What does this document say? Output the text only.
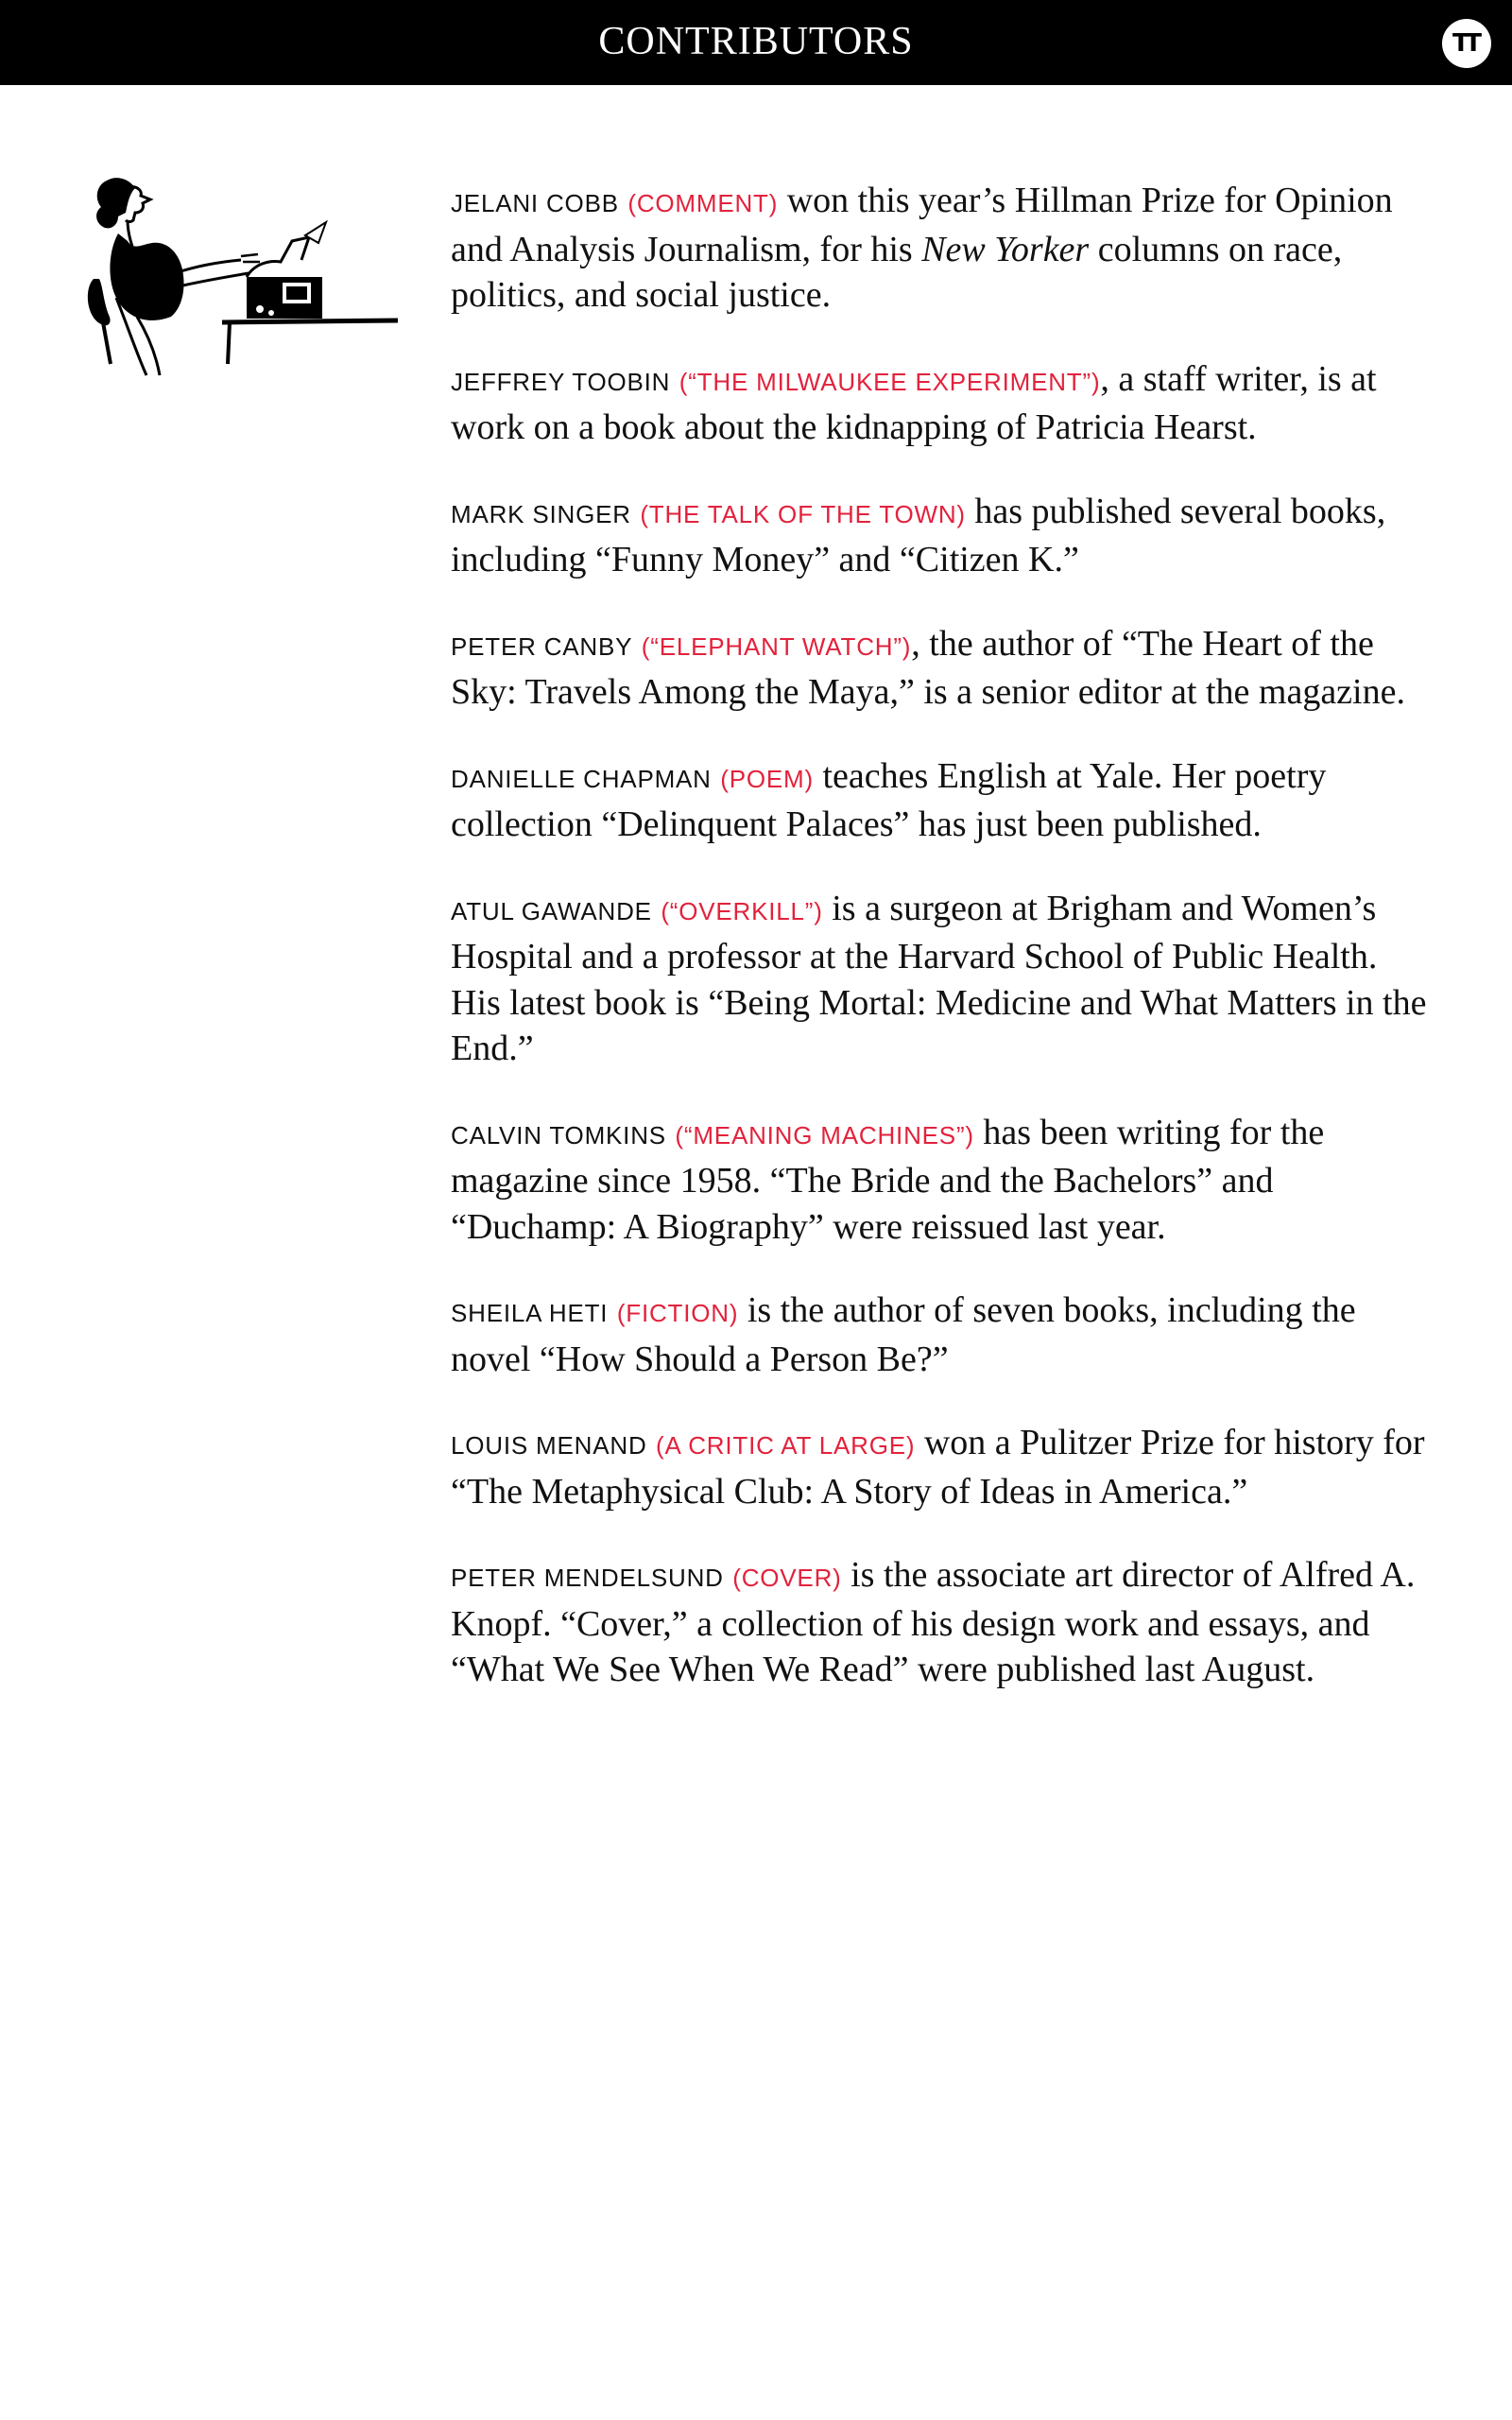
CONTRIBUTORS	TT

JELANI COBB (COMMENT) won this year’s Hillman Prize for Opinion and Analysis Journalism, for his New Yorker columns on race, politics, and social justice.

JEFFREY TOOBIN (“THE MILWAUKEE EXPERIMENT”), a staff writer, is at work on a book about the kidnapping of Patricia Hearst.

MARK SINGER (THE TALK OF THE TOWN) has published several books, including “Funny Money” and “Citizen K.”

PETER CANBY (“ELEPHANT WATCH”), the author of “The Heart of the Sky: Travels Among the Maya,” is a senior editor at the magazine.

DANIELLE CHAPMAN (POEM) teaches English at Yale. Her poetry collection “Delinquent Palaces” has just been published.

ATUL GAWANDE (“OVERKILL”) is a surgeon at Brigham and Women’s Hospital and a professor at the Harvard School of Public Health. His latest book is “Being Mortal: Medicine and What Matters in the End.”

CALVIN TOMKINS (“MEANING MACHINES”) has been writing for the magazine since 1958. “The Bride and the Bachelors” and “Duchamp: A Biography” were reissued last year.

SHEILA HETI (FICTION) is the author of seven books, including the novel “How Should a Person Be?”

LOUIS MENAND (A CRITIC AT LARGE) won a Pulitzer Prize for history for “The Metaphysical Club: A Story of Ideas in America.”

PETER MENDELSUND (COVER) is the associate art director of Alfred A. Knopf. “Cover,” a collection of his design work and essays, and “What We See When We Read” were published last August.
